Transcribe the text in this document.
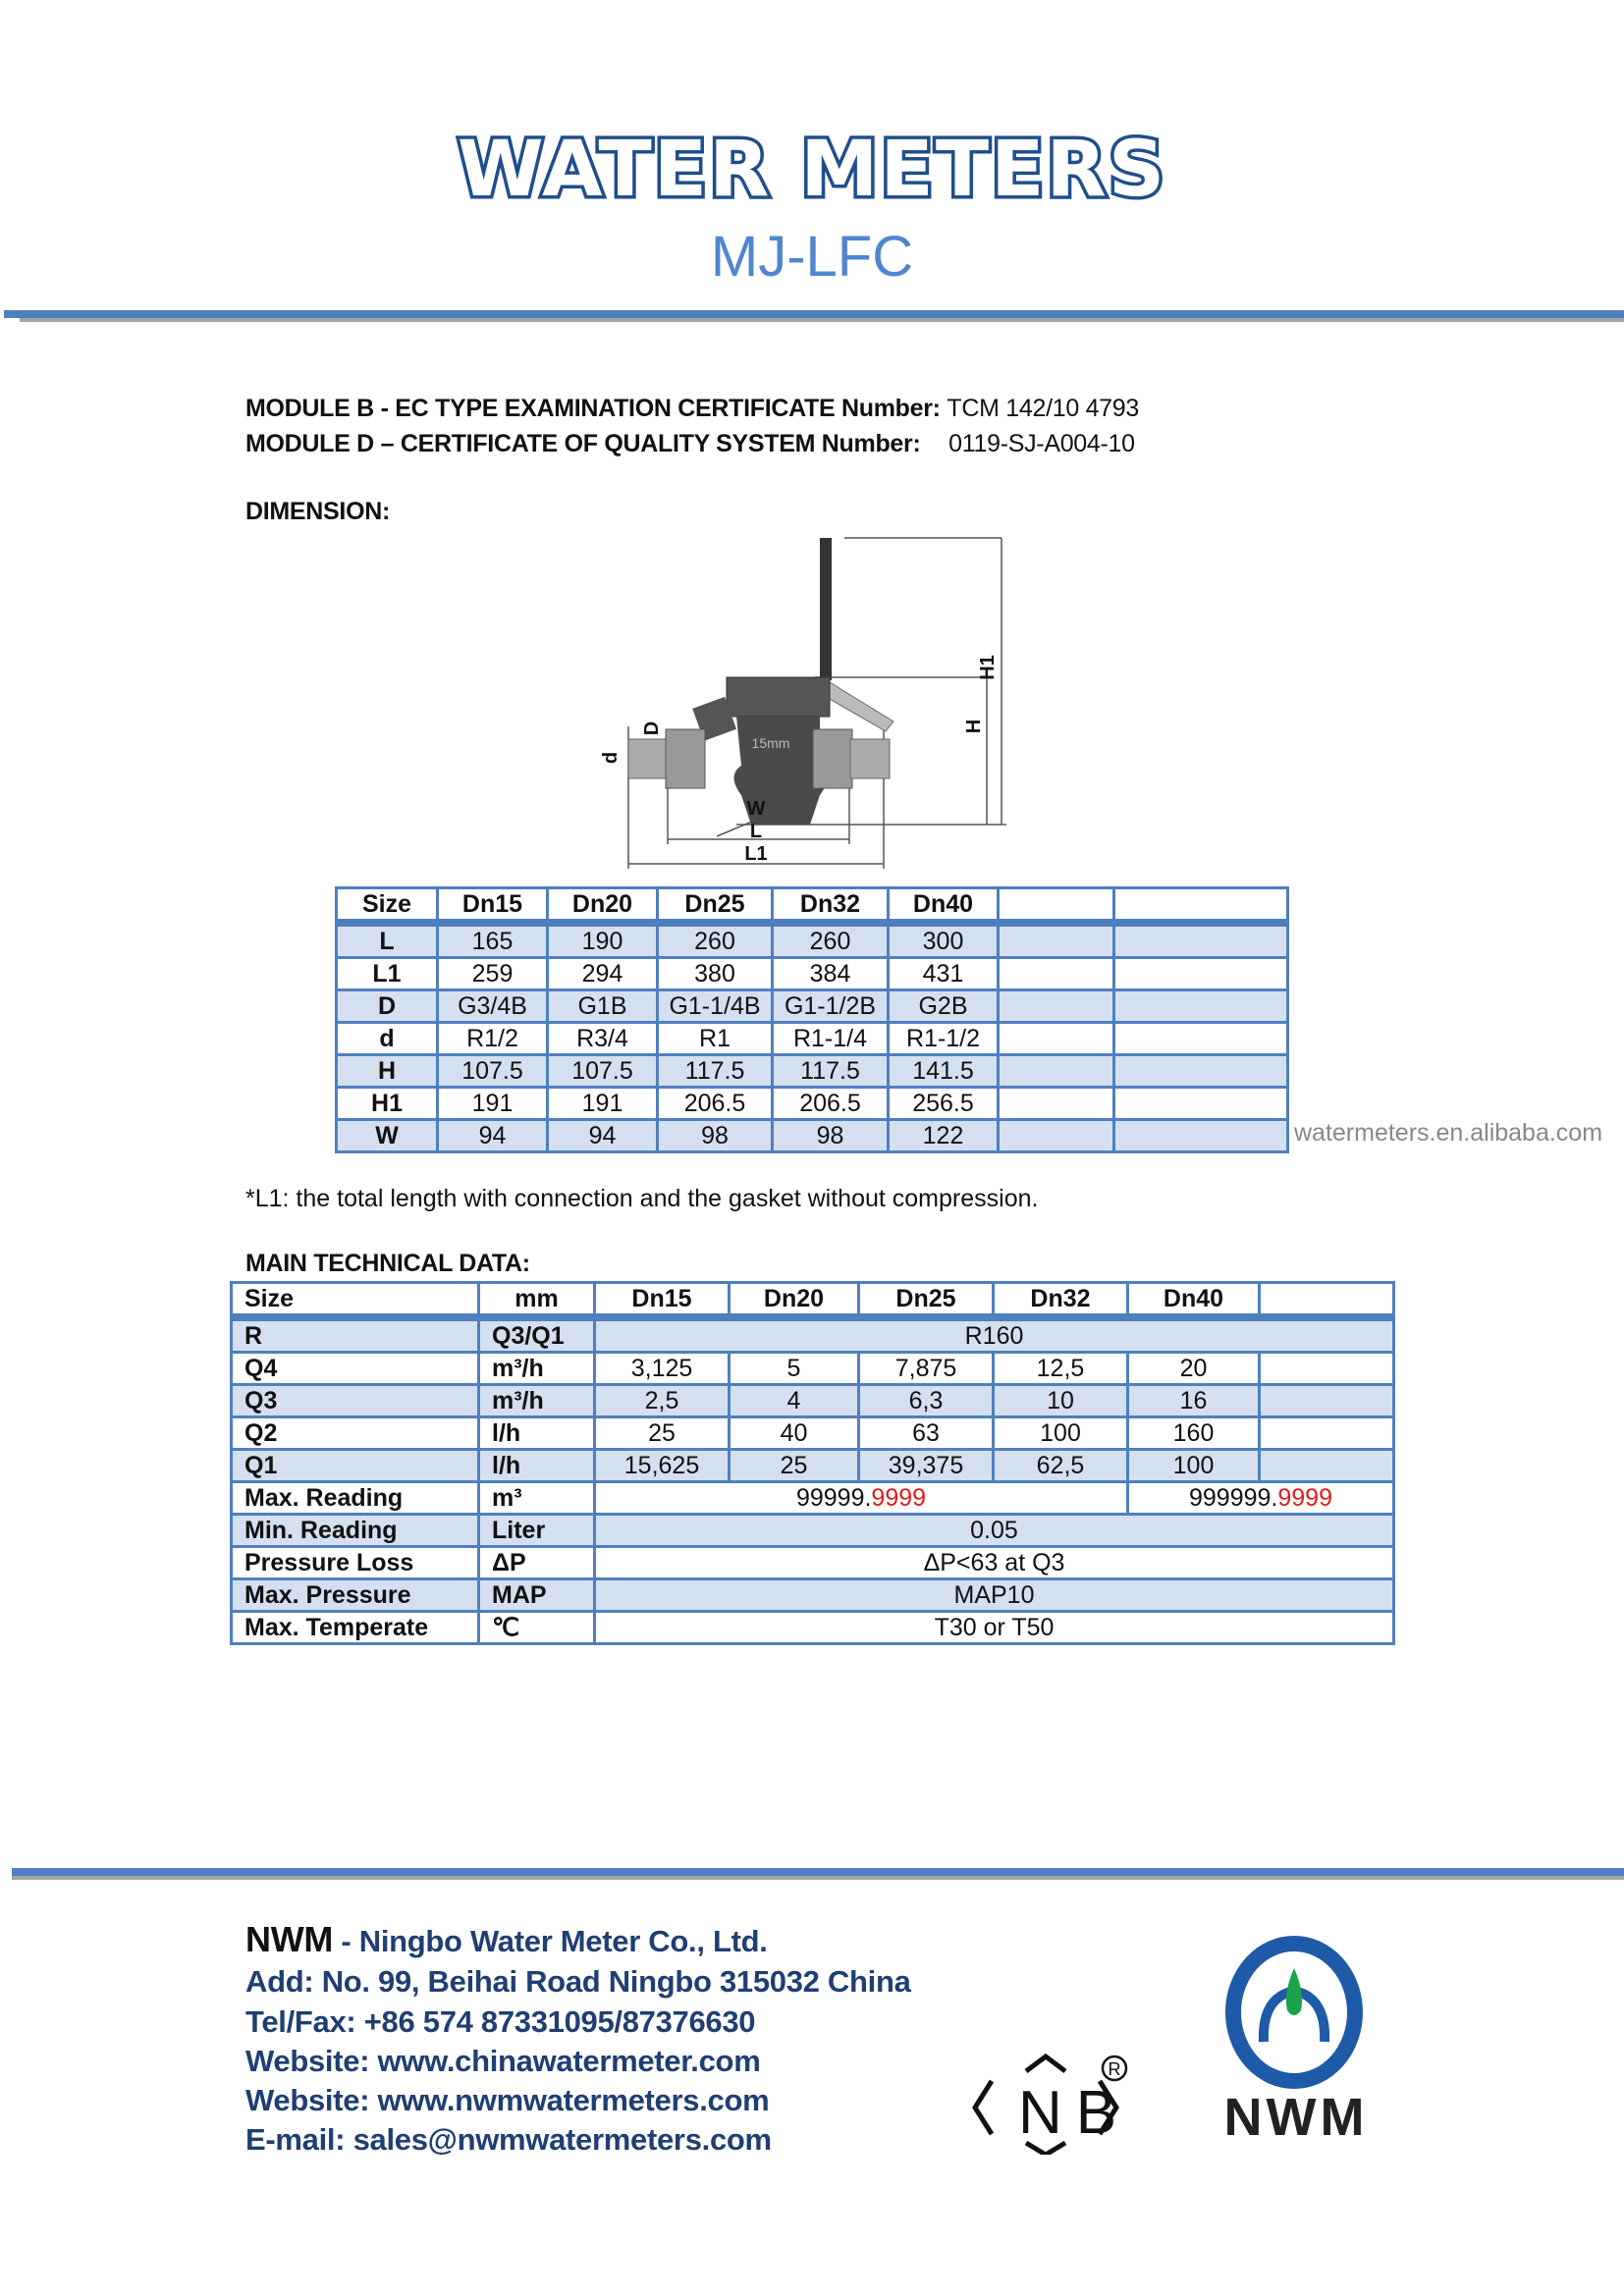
WATER METERS
MJ-LFC
MODULE B - EC TYPE EXAMINATION CERTIFICATE Number: TCM 142/10 4793
MODULE D – CERTIFICATE OF QUALITY SYSTEM Number: 0119-SJ-A004-10
DIMENSION:
15mm
D
d
W
L
L1
H
H1
Size	Dn15	Dn20	Dn25	Dn32	Dn40		
L	165	190	260	260	300		
L1	259	294	380	384	431		
D	G3/4B	G1B	G1-1/4B	G1-1/2B	G2B		
d	R1/2	R3/4	R1	R1-1/4	R1-1/2		
H	107.5	107.5	117.5	117.5	141.5		
H1	191	191	206.5	206.5	256.5		
W	94	94	98	98	122			watermeters.en.alibaba.com
*L1: the total length with connection and the gasket without compression.
MAIN TECHNICAL DATA:
Size	mm	Dn15	Dn20	Dn25	Dn32	Dn40	
R	Q3/Q1	R160					
Q4	m³/h	3,125	5	7,875	12,5	20	
Q3	m³/h	2,5	4	6,3	10	16	
Q2	l/h	25	40	63	100	160	
Q1	l/h	15,625	25	39,375	62,5	100	
Max. Reading	m³	99999.9999				999999.9999	
Min. Reading	Liter	0.05					
Pressure Loss	ΔP	ΔP<63 at Q3					
Max. Pressure	MAP	MAP10					
Max. Temperate	℃	T30 or T50					
NWM - Ningbo Water Meter Co., Ltd.
Add: No. 99, Beihai Road Ningbo 315032 China
Tel/Fax: +86 574 87331095/87376630
Website: www.chinawatermeter.com
Website: www.nwmwatermeters.com
E-mail: sales@nwmwatermeters.com	NB
R
NWM
